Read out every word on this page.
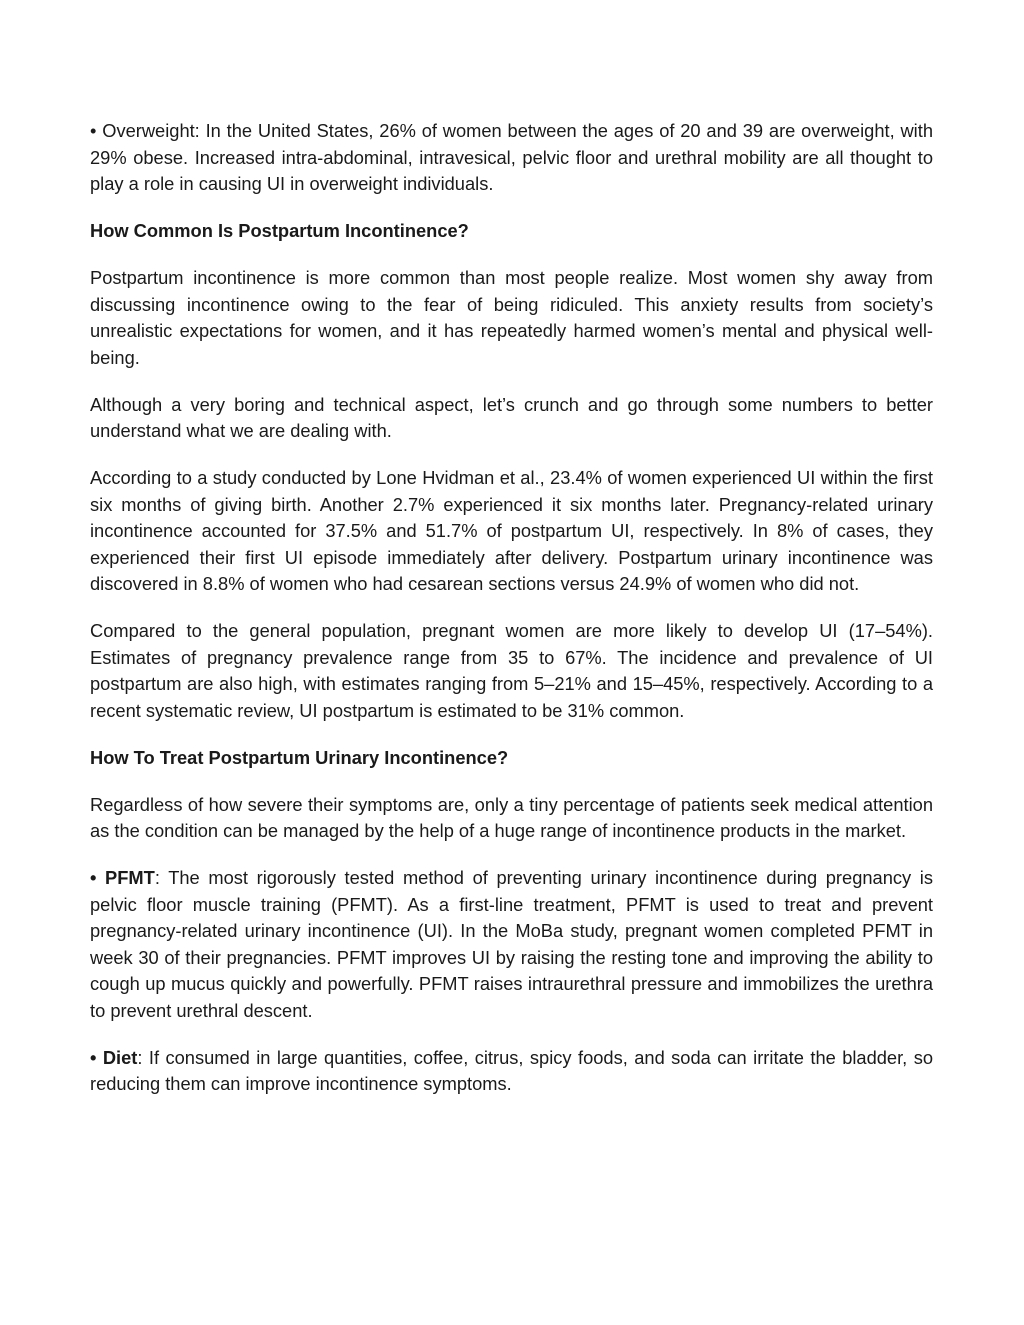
• Overweight: In the United States, 26% of women between the ages of 20 and 39 are overweight, with 29% obese. Increased intra-abdominal, intravesical, pelvic floor and urethral mobility are all thought to play a role in causing UI in overweight individuals.

How Common Is Postpartum Incontinence?

Postpartum incontinence is more common than most people realize. Most women shy away from discussing incontinence owing to the fear of being ridiculed. This anxiety results from society’s unrealistic expectations for women, and it has repeatedly harmed women’s mental and physical well-being.

Although a very boring and technical aspect, let’s crunch and go through some numbers to better understand what we are dealing with.

According to a study conducted by Lone Hvidman et al., 23.4% of women experienced UI within the first six months of giving birth. Another 2.7% experienced it six months later. Pregnancy-related urinary incontinence accounted for 37.5% and 51.7% of postpartum UI, respectively. In 8% of cases, they experienced their first UI episode immediately after delivery. Postpartum urinary incontinence was discovered in 8.8% of women who had cesarean sections versus 24.9% of women who did not.

Compared to the general population, pregnant women are more likely to develop UI (17–54%). Estimates of pregnancy prevalence range from 35 to 67%. The incidence and prevalence of UI postpartum are also high, with estimates ranging from 5–21% and 15–45%, respectively. According to a recent systematic review, UI postpartum is estimated to be 31% common.

How To Treat Postpartum Urinary Incontinence?

Regardless of how severe their symptoms are, only a tiny percentage of patients seek medical attention as the condition can be managed by the help of a huge range of incontinence products in the market.

• PFMT: The most rigorously tested method of preventing urinary incontinence during pregnancy is pelvic floor muscle training (PFMT). As a first-line treatment, PFMT is used to treat and prevent pregnancy-related urinary incontinence (UI). In the MoBa study, pregnant women completed PFMT in week 30 of their pregnancies. PFMT improves UI by raising the resting tone and improving the ability to cough up mucus quickly and powerfully. PFMT raises intraurethral pressure and immobilizes the urethra to prevent urethral descent.

• Diet: If consumed in large quantities, coffee, citrus, spicy foods, and soda can irritate the bladder, so reducing them can improve incontinence symptoms.
